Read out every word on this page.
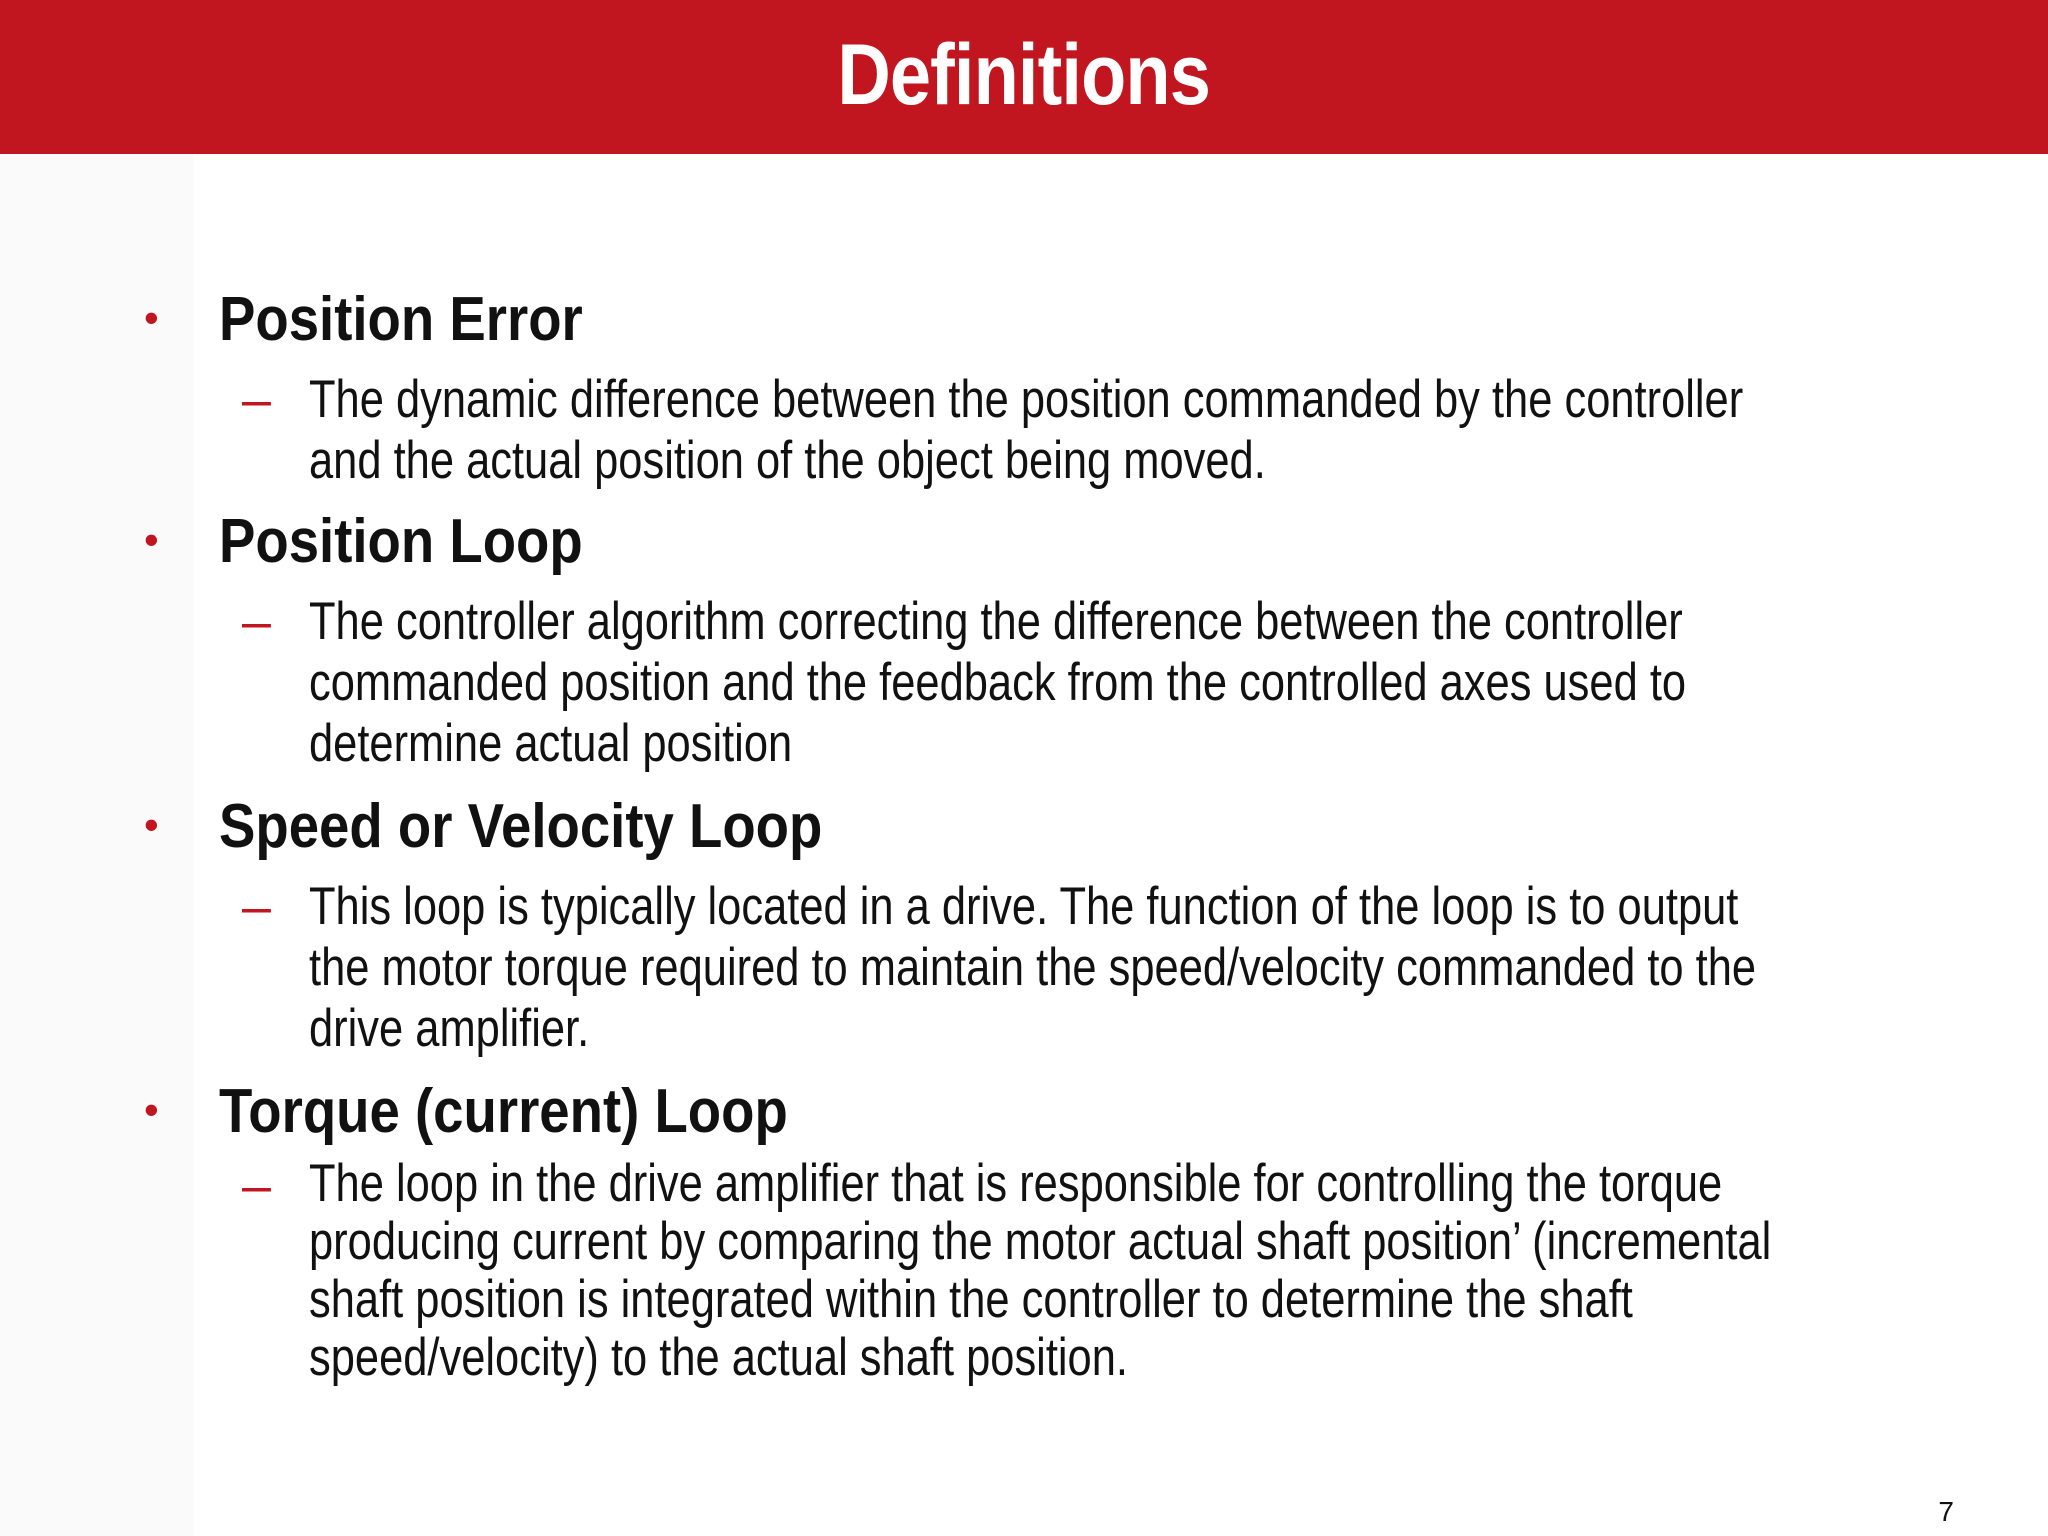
Definitions
• Position Error
– The dynamic difference between the position commanded by the controller
and the actual position of the object being moved.
• Position Loop
– The controller algorithm correcting the difference between the controller
commanded position and the feedback from the controlled axes used to
determine actual position
• Speed or Velocity Loop
– This loop is typically located in a drive. The function of the loop is to output
the motor torque required to maintain the speed/velocity commanded to the
drive amplifier.
• Torque (current) Loop
– The loop in the drive amplifier that is responsible for controlling the torque
producing current by comparing the motor actual shaft position’ (incremental
shaft position is integrated within the controller to determine the shaft
speed/velocity) to the actual shaft position.
7
